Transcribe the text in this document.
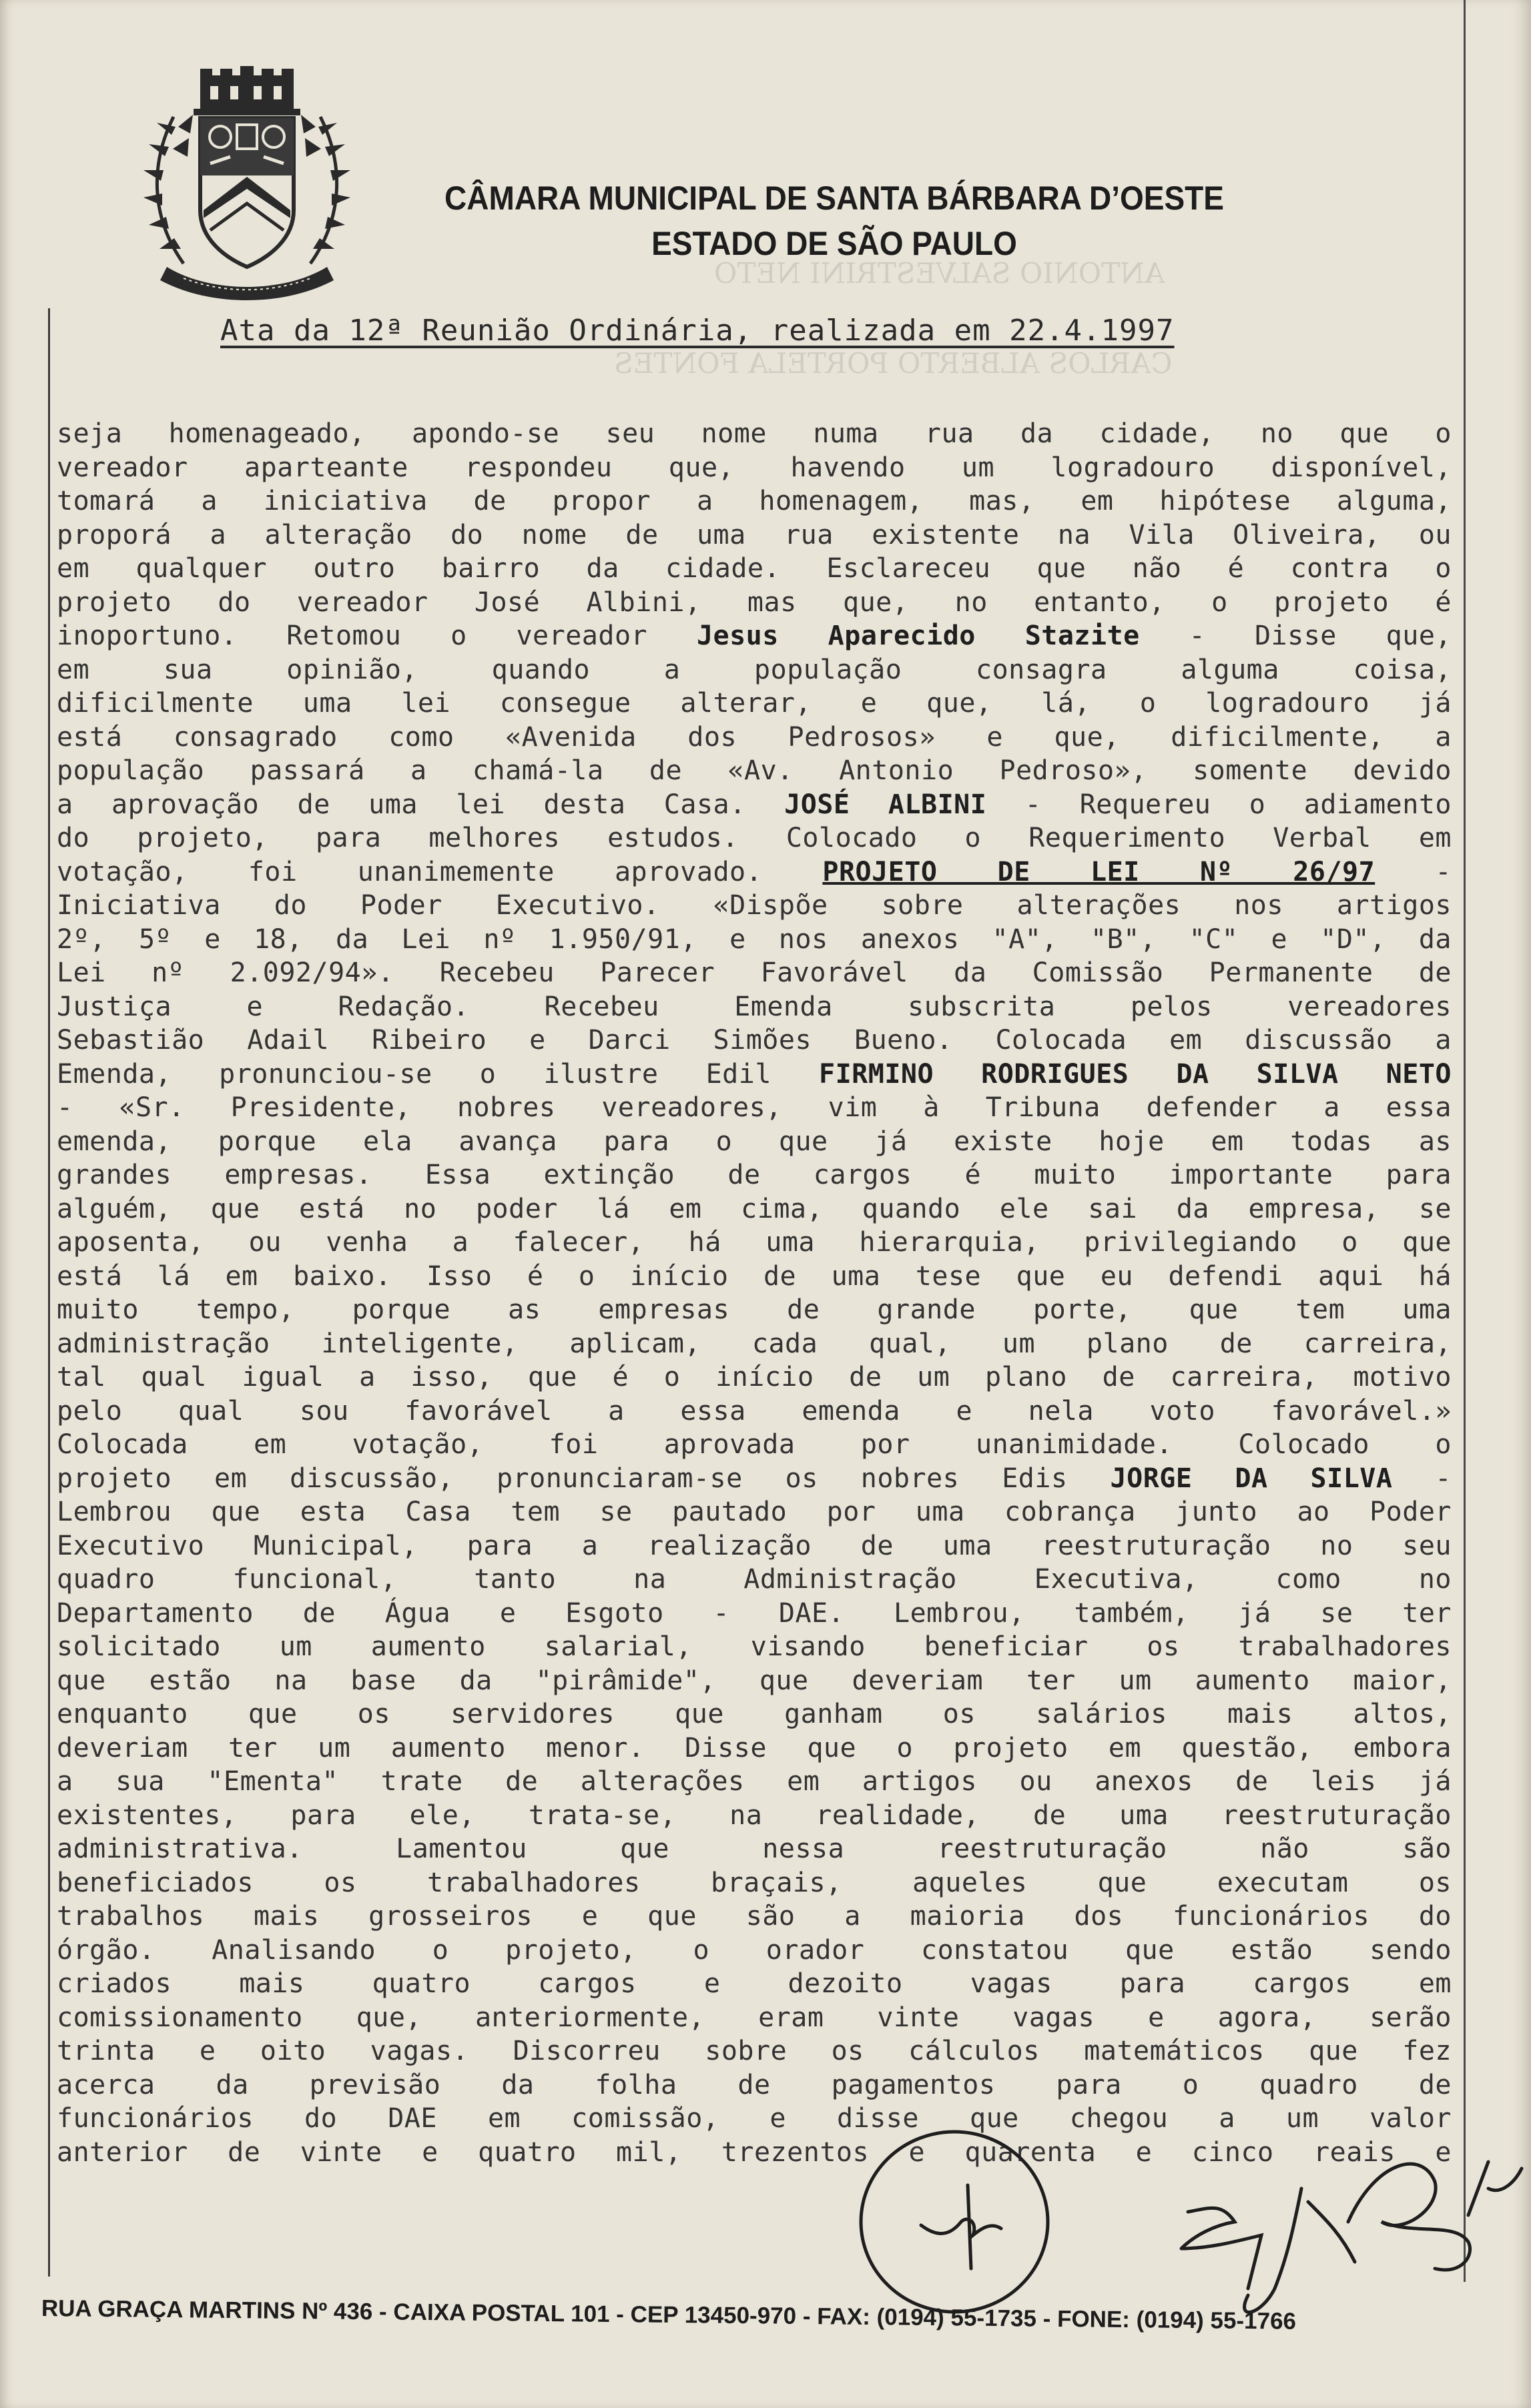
ANTONIO SALVESTRINI NETO
CARLOS ALBERTO PORTELA FONTES
CÂMARA MUNICIPAL DE SANTA BÁRBARA D’OESTE
ESTADO DE SÃO PAULO
Ata da 12ª Reunião Ordinária, realizada em 22.4.1997
seja homenageado, apondo-se seu nome numa rua da cidade, no que o
vereador aparteante respondeu que, havendo um logradouro disponível,
tomará a iniciativa de propor a homenagem, mas, em hipótese alguma,
proporá a alteração do nome de uma rua existente na Vila Oliveira, ou
em qualquer outro bairro da cidade. Esclareceu que não é contra o
projeto do vereador José Albini, mas que, no entanto, o projeto é
inoportuno. Retomou o vereador Jesus Aparecido Stazite - Disse que,
em sua opinião, quando a população consagra alguma coisa,
dificilmente uma lei consegue alterar, e que, lá, o logradouro já
está consagrado como «Avenida dos Pedrosos» e que, dificilmente, a
população passará a chamá-la de «Av. Antonio Pedroso», somente devido
a aprovação de uma lei desta Casa. JOSÉ ALBINI - Requereu o adiamento
do projeto, para melhores estudos. Colocado o Requerimento Verbal em
votação, foi unanimemente aprovado. PROJETO DE LEI Nº 26/97 -
Iniciativa do Poder Executivo. «Dispõe sobre alterações nos artigos
2º, 5º e 18, da Lei nº 1.950/91, e nos anexos "A", "B", "C" e "D", da
Lei nº 2.092/94». Recebeu Parecer Favorável da Comissão Permanente de
Justiça e Redação. Recebeu Emenda subscrita pelos vereadores
Sebastião Adail Ribeiro e Darci Simões Bueno. Colocada em discussão a
Emenda, pronunciou-se o ilustre Edil FIRMINO RODRIGUES DA SILVA NETO
- «Sr. Presidente, nobres vereadores, vim à Tribuna defender a essa
emenda, porque ela avança para o que já existe hoje em todas as
grandes empresas. Essa extinção de cargos é muito importante para
alguém, que está no poder lá em cima, quando ele sai da empresa, se
aposenta, ou venha a falecer, há uma hierarquia, privilegiando o que
está lá em baixo. Isso é o início de uma tese que eu defendi aqui há
muito tempo, porque as empresas de grande porte, que tem uma
administração inteligente, aplicam, cada qual, um plano de carreira,
tal qual igual a isso, que é o início de um plano de carreira, motivo
pelo qual sou favorável a essa emenda e nela voto favorável.»
Colocada em votação, foi aprovada por unanimidade. Colocado o
projeto em discussão, pronunciaram-se os nobres Edis JORGE DA SILVA -
Lembrou que esta Casa tem se pautado por uma cobrança junto ao Poder
Executivo Municipal, para a realização de uma reestruturação no seu
quadro funcional, tanto na Administração Executiva, como no
Departamento de Água e Esgoto - DAE. Lembrou, também, já se ter
solicitado um aumento salarial, visando beneficiar os trabalhadores
que estão na base da "pirâmide", que deveriam ter um aumento maior,
enquanto que os servidores que ganham os salários mais altos,
deveriam ter um aumento menor. Disse que o projeto em questão, embora
a sua "Ementa" trate de alterações em artigos ou anexos de leis já
existentes, para ele, trata-se, na realidade, de uma reestruturação
administrativa. Lamentou que nessa reestruturação não são
beneficiados os trabalhadores braçais, aqueles que executam os
trabalhos mais grosseiros e que são a maioria dos funcionários do
órgão. Analisando o projeto, o orador constatou que estão sendo
criados mais quatro cargos e dezoito vagas para cargos em
comissionamento que, anteriormente, eram vinte vagas e agora, serão
trinta e oito vagas. Discorreu sobre os cálculos matemáticos que fez
acerca da previsão da folha de pagamentos para o quadro de
funcionários do DAE em comissão, e disse que chegou a um valor
anterior de vinte e quatro mil, trezentos e quarenta e cinco reais e
RUA GRAÇA MARTINS Nº 436 - CAIXA POSTAL 101 - CEP 13450-970 - FAX: (0194) 55-1735 - FONE: (0194) 55-1766
